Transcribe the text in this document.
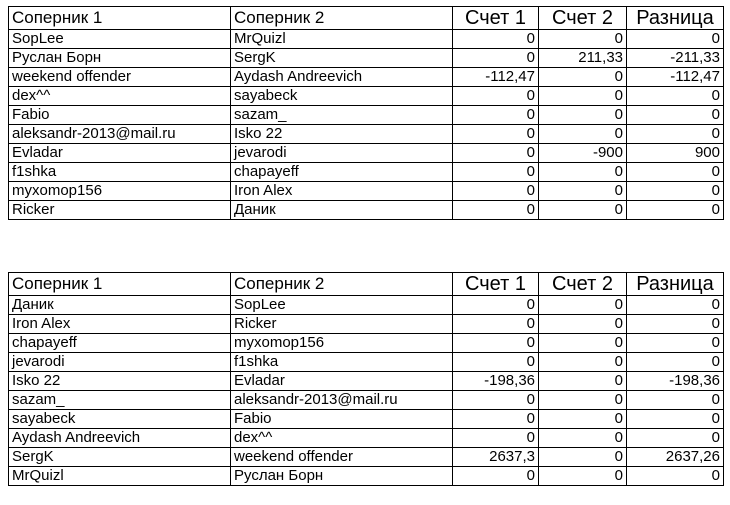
Соперник 1	Соперник 2	Счет 1	Счет 2	Разница
SopLee	MrQuizl	0	0	0
Руслан Борн	SergK	0	211,33	-211,33
weekend offender	Aydash Andreevich	-112,47	0	-112,47
dex^^	sayabeck	0	0	0
Fabio	sazam_	0	0	0
aleksandr-2013@mail.ru	Isko 22	0	0	0
Evladar	jevarodi	0	-900	900
f1shka	chapayeff	0	0	0
myxomop156	Iron Alex	0	0	0
Ricker	Даник	0	0	0
Соперник 1	Соперник 2	Счет 1	Счет 2	Разница
Даник	SopLee	0	0	0
Iron Alex	Ricker	0	0	0
chapayeff	myxomop156	0	0	0
jevarodi	f1shka	0	0	0
Isko 22	Evladar	-198,36	0	-198,36
sazam_	aleksandr-2013@mail.ru	0	0	0
sayabeck	Fabio	0	0	0
Aydash Andreevich	dex^^	0	0	0
SergK	weekend offender	2637,3	0	2637,26
MrQuizl	Руслан Борн	0	0	0
